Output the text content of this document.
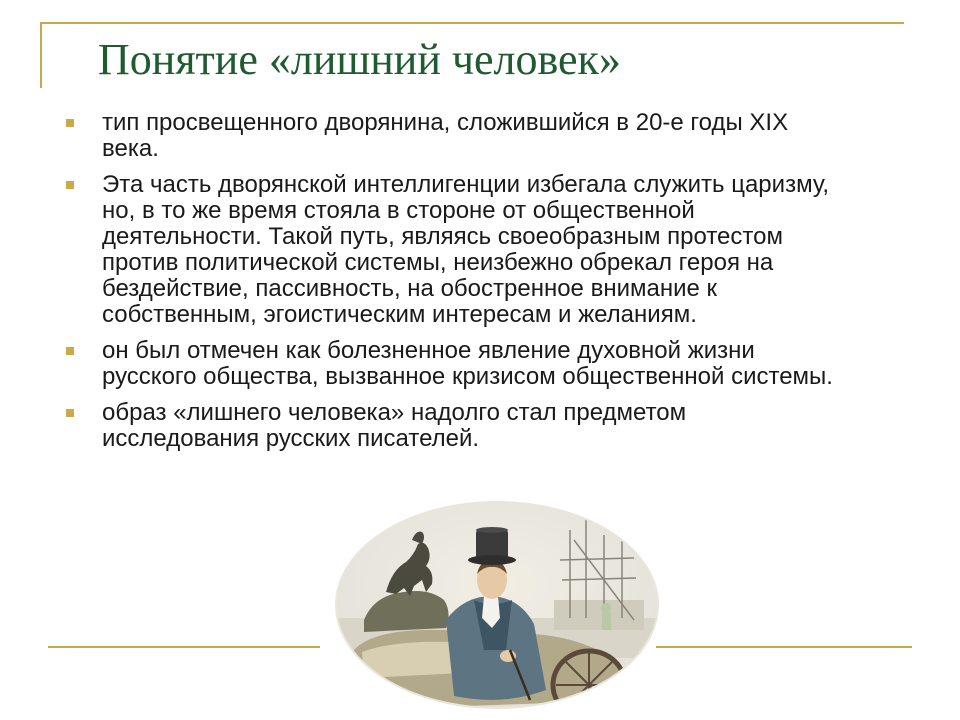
Понятие «лишний человек»
тип просвещенного дворянина, сложившийся в 20-е годы XIX века.
Эта часть дворянской интеллигенции избегала служить царизму, но, в то же время стояла в стороне от общественной деятельности. Такой путь, являясь своеобразным протестом против политической системы, неизбежно обрекал героя на бездействие, пассивность, на обостренное внимание к собственным, эгоистическим интересам и желаниям.
он был отмечен как болезненное явление духовной жизни русского общества, вызванное кризисом общественной системы.
образ «лишнего человека» надолго стал предметом исследования русских писателей.
